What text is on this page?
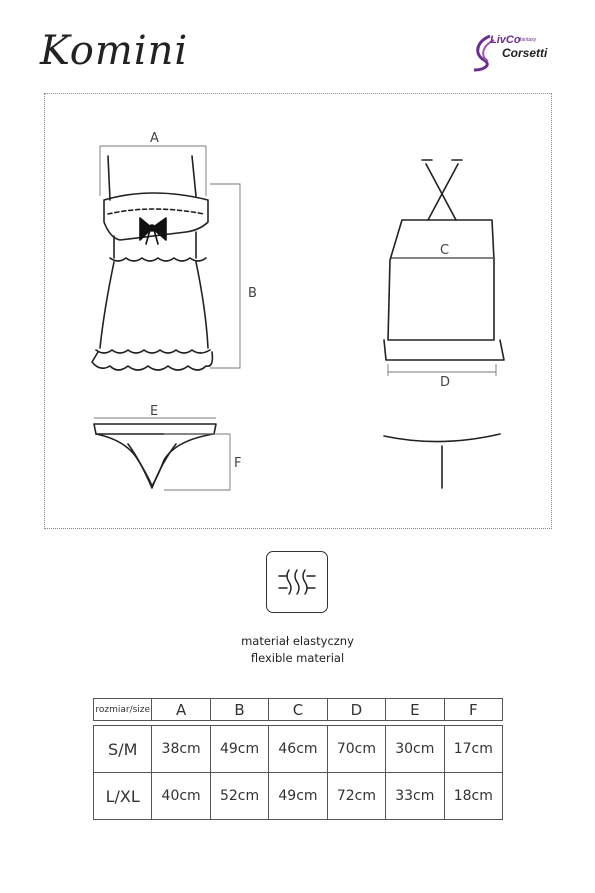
Komini	LivCo fantasy
Corsetti
A
B
C
D
E
F
materiał elastyczny
flexible material
rozmiar/size	A	B	C	D	E	F

S/M	38cm	49cm	46cm	70cm	30cm	17cm
L/XL	40cm	52cm	49cm	72cm	33cm	18cm
